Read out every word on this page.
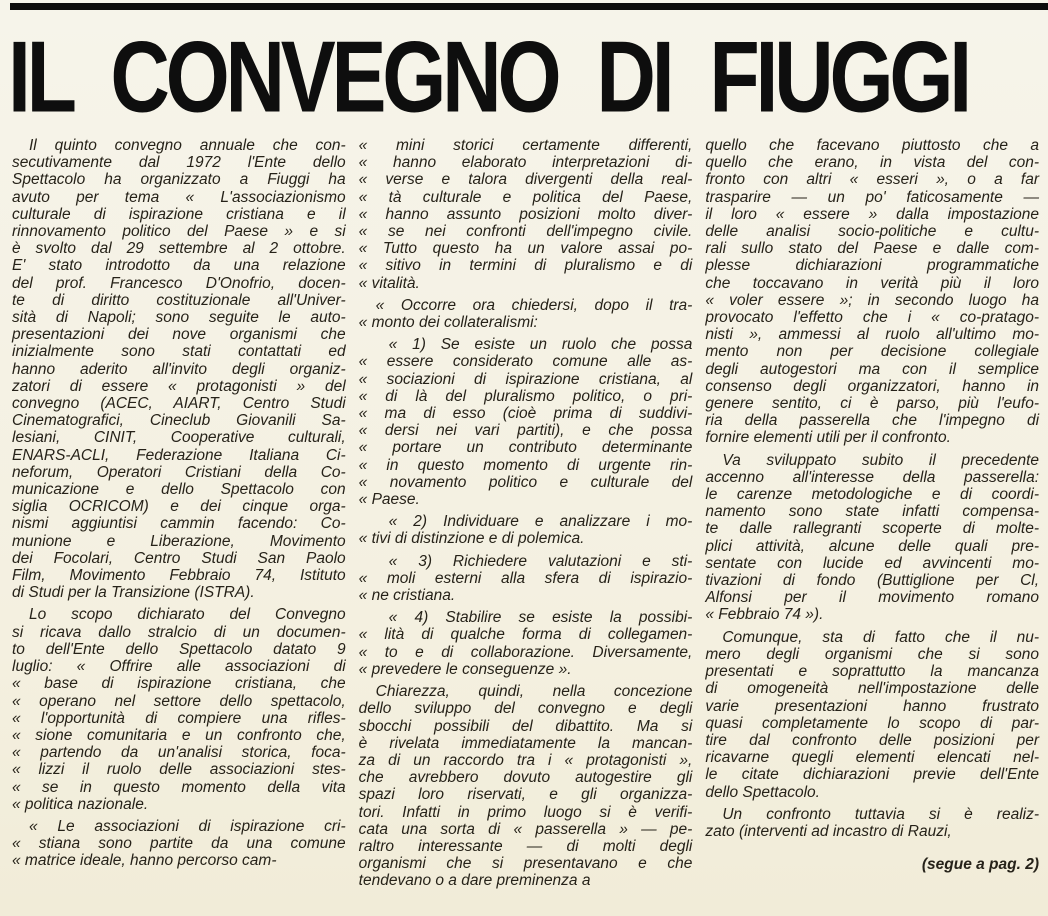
IL CONVEGNO DI FIUGGI
Il quinto convegno annuale che con-
secutivamente dal 1972 l'Ente dello
Spettacolo ha organizzato a Fiuggi ha
avuto per tema « L'associazionismo
culturale di ispirazione cristiana e il
rinnovamento politico del Paese » e si
è svolto dal 29 settembre al 2 ottobre.
E' stato introdotto da una relazione
del prof. Francesco D'Onofrio, docen-
te di diritto costituzionale all'Univer-
sità di Napoli; sono seguite le auto-
presentazioni dei nove organismi che
inizialmente sono stati contattati ed
hanno aderito all'invito degli organiz-
zatori di essere « protagonisti » del
convegno (ACEC, AIART, Centro Studi
Cinematografici, Cineclub Giovanili Sa-
lesiani, CINIT, Cooperative culturali,
ENARS-ACLI, Federazione Italiana Ci-
neforum, Operatori Cristiani della Co-
municazione e dello Spettacolo con
siglia OCRICOM) e dei cinque orga-
nismi aggiuntisi cammin facendo: Co-
munione e Liberazione, Movimento
dei Focolari, Centro Studi San Paolo
Film, Movimento Febbraio 74, Istituto
di Studi per la Transizione (ISTRA).
Lo scopo dichiarato del Convegno
si ricava dallo stralcio di un documen-
to dell'Ente dello Spettacolo datato 9
luglio: « Offrire alle associazioni di
« base di ispirazione cristiana, che
« operano nel settore dello spettacolo,
« l'opportunità di compiere una rifles-
« sione comunitaria e un confronto che,
« partendo da un'analisi storica, foca-
« lizzi il ruolo delle associazioni stes-
« se in questo momento della vita
« politica nazionale.
« Le associazioni di ispirazione cri-
« stiana sono partite da una comune
« matrice ideale, hanno percorso cam-
« mini storici certamente differenti,
« hanno elaborato interpretazioni di-
« verse e talora divergenti della real-
« tà culturale e politica del Paese,
« hanno assunto posizioni molto diver-
« se nei confronti dell'impegno civile.
« Tutto questo ha un valore assai po-
« sitivo in termini di pluralismo e di
« vitalità.
« Occorre ora chiedersi, dopo il tra-
« monto dei collateralismi:
« 1) Se esiste un ruolo che possa
« essere considerato comune alle as-
« sociazioni di ispirazione cristiana, al
« di là del pluralismo politico, o pri-
« ma di esso (cioè prima di suddivi-
« dersi nei vari partiti), e che possa
« portare un contributo determinante
« in questo momento di urgente rin-
« novamento politico e culturale del
« Paese.
« 2) Individuare e analizzare i mo-
« tivi di distinzione e di polemica.
« 3) Richiedere valutazioni e sti-
« moli esterni alla sfera di ispirazio-
« ne cristiana.
« 4) Stabilire se esiste la possibi-
« lità di qualche forma di collegamen-
« to e di collaborazione. Diversamente,
« prevedere le conseguenze ».
Chiarezza, quindi, nella concezione
dello sviluppo del convegno e degli
sbocchi possibili del dibattito. Ma si
è rivelata immediatamente la mancan-
za di un raccordo tra i « protagonisti »,
che avrebbero dovuto autogestire gli
spazi loro riservati, e gli organizza-
tori. Infatti in primo luogo si è verifi-
cata una sorta di « passerella » — pe-
raltro interessante — di molti degli
organismi che si presentavano e che
tendevano o a dare preminenza a
quello che facevano piuttosto che a
quello che erano, in vista del con-
fronto con altri « esseri », o a far
trasparire — un po' faticosamente —
il loro « essere » dalla impostazione
delle analisi socio-politiche e cultu-
rali sullo stato del Paese e dalle com-
plesse dichiarazioni programmatiche
che toccavano in verità più il loro
« voler essere »; in secondo luogo ha
provocato l'effetto che i « co-pratago-
nisti », ammessi al ruolo all'ultimo mo-
mento non per decisione collegiale
degli autogestori ma con il semplice
consenso degli organizzatori, hanno in
genere sentito, ci è parso, più l'eufo-
ria della passerella che l'impegno di
fornire elementi utili per il confronto.
Va sviluppato subito il precedente
accenno all'interesse della passerella:
le carenze metodologiche e di coordi-
namento sono state infatti compensa-
te dalle rallegranti scoperte di molte-
plici attività, alcune delle quali pre-
sentate con lucide ed avvincenti mo-
tivazioni di fondo (Buttiglione per Cl,
Alfonsi per il movimento romano
« Febbraio 74 »).
Comunque, sta di fatto che il nu-
mero degli organismi che si sono
presentati e soprattutto la mancanza
di omogeneità nell'impostazione delle
varie presentazioni hanno frustrato
quasi completamente lo scopo di par-
tire dal confronto delle posizioni per
ricavarne quegli elementi elencati nel-
le citate dichiarazioni previe dell'Ente
dello Spettacolo.
Un confronto tuttavia si è realiz-
zato (interventi ad incastro di Rauzi,
(segue a pag. 2)
